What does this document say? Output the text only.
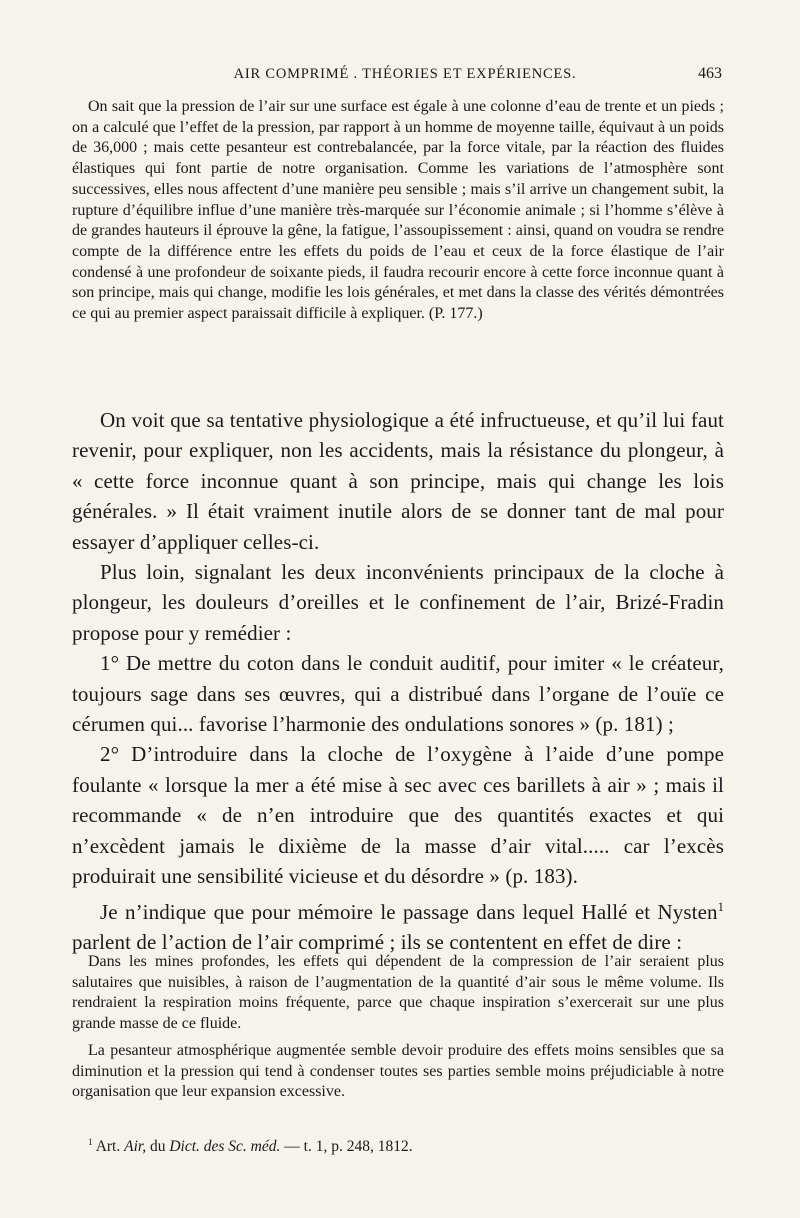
AIR COMPRIMÉ . THÉORIES ET EXPÉRIENCES.	463

On sait que la pression de l’air sur une surface est égale à une colonne d’eau de trente et un pieds ; on a calculé que l’effet de la pression, par rapport à un homme de moyenne taille, équivaut à un poids de 36,000 ; mais cette pesanteur est contrebalancée, par la force vitale, par la réaction des fluides élastiques qui font partie de notre organisation. Comme les variations de l’atmosphère sont successives, elles nous affectent d’une manière peu sensible ; mais s’il arrive un changement subit, la rupture d’équilibre influe d’une manière très-marquée sur l’économie animale ; si l’homme s’élève à de grandes hauteurs il éprouve la gêne, la fatigue, l’assoupissement : ainsi, quand on voudra se rendre compte de la différence entre les effets du poids de l’eau et ceux de la force élastique de l’air condensé à une profondeur de soixante pieds, il faudra recourir encore à cette force inconnue quant à son principe, mais qui change, modifie les lois générales, et met dans la classe des vérités démontrées ce qui au premier aspect paraissait difficile à expliquer. (P. 177.)

On voit que sa tentative physiologique a été infructueuse, et qu’il lui faut revenir, pour expliquer, non les accidents, mais la résistance du plongeur, à « cette force inconnue quant à son principe, mais qui change les lois générales. » Il était vraiment inutile alors de se donner tant de mal pour essayer d’appliquer celles-ci.

Plus loin, signalant les deux inconvénients principaux de la cloche à plongeur, les douleurs d’oreilles et le confinement de l’air, Brizé-Fradin propose pour y remédier :

1° De mettre du coton dans le conduit auditif, pour imiter « le créateur, toujours sage dans ses œuvres, qui a distribué dans l’organe de l’ouïe ce cérumen qui... favorise l’harmonie des ondulations sonores » (p. 181) ;

2° D’introduire dans la cloche de l’oxygène à l’aide d’une pompe foulante « lorsque la mer a été mise à sec avec ces barillets à air » ; mais il recommande « de n’en introduire que des quantités exactes et qui n’excèdent jamais le dixième de la masse d’air vital..... car l’excès produirait une sensibilité vicieuse et du désordre » (p. 183).

Je n’indique que pour mémoire le passage dans lequel Hallé et Nysten$^1$ parlent de l’action de l’air comprimé ; ils se contentent en effet de dire :

Dans les mines profondes, les effets qui dépendent de la compression de l’air seraient plus salutaires que nuisibles, à raison de l’augmentation de la quantité d’air sous le même volume. Ils rendraient la respiration moins fréquente, parce que chaque inspiration s’exercerait sur une plus grande masse de ce fluide.

La pesanteur atmosphérique augmentée semble devoir produire des effets moins sensibles que sa diminution et la pression qui tend à condenser toutes ses parties semble moins préjudiciable à notre organisation que leur expansion excessive.

$^1$ Art. Air, du Dict. des Sc. méd. — t. 1, p. 248, 1812.
